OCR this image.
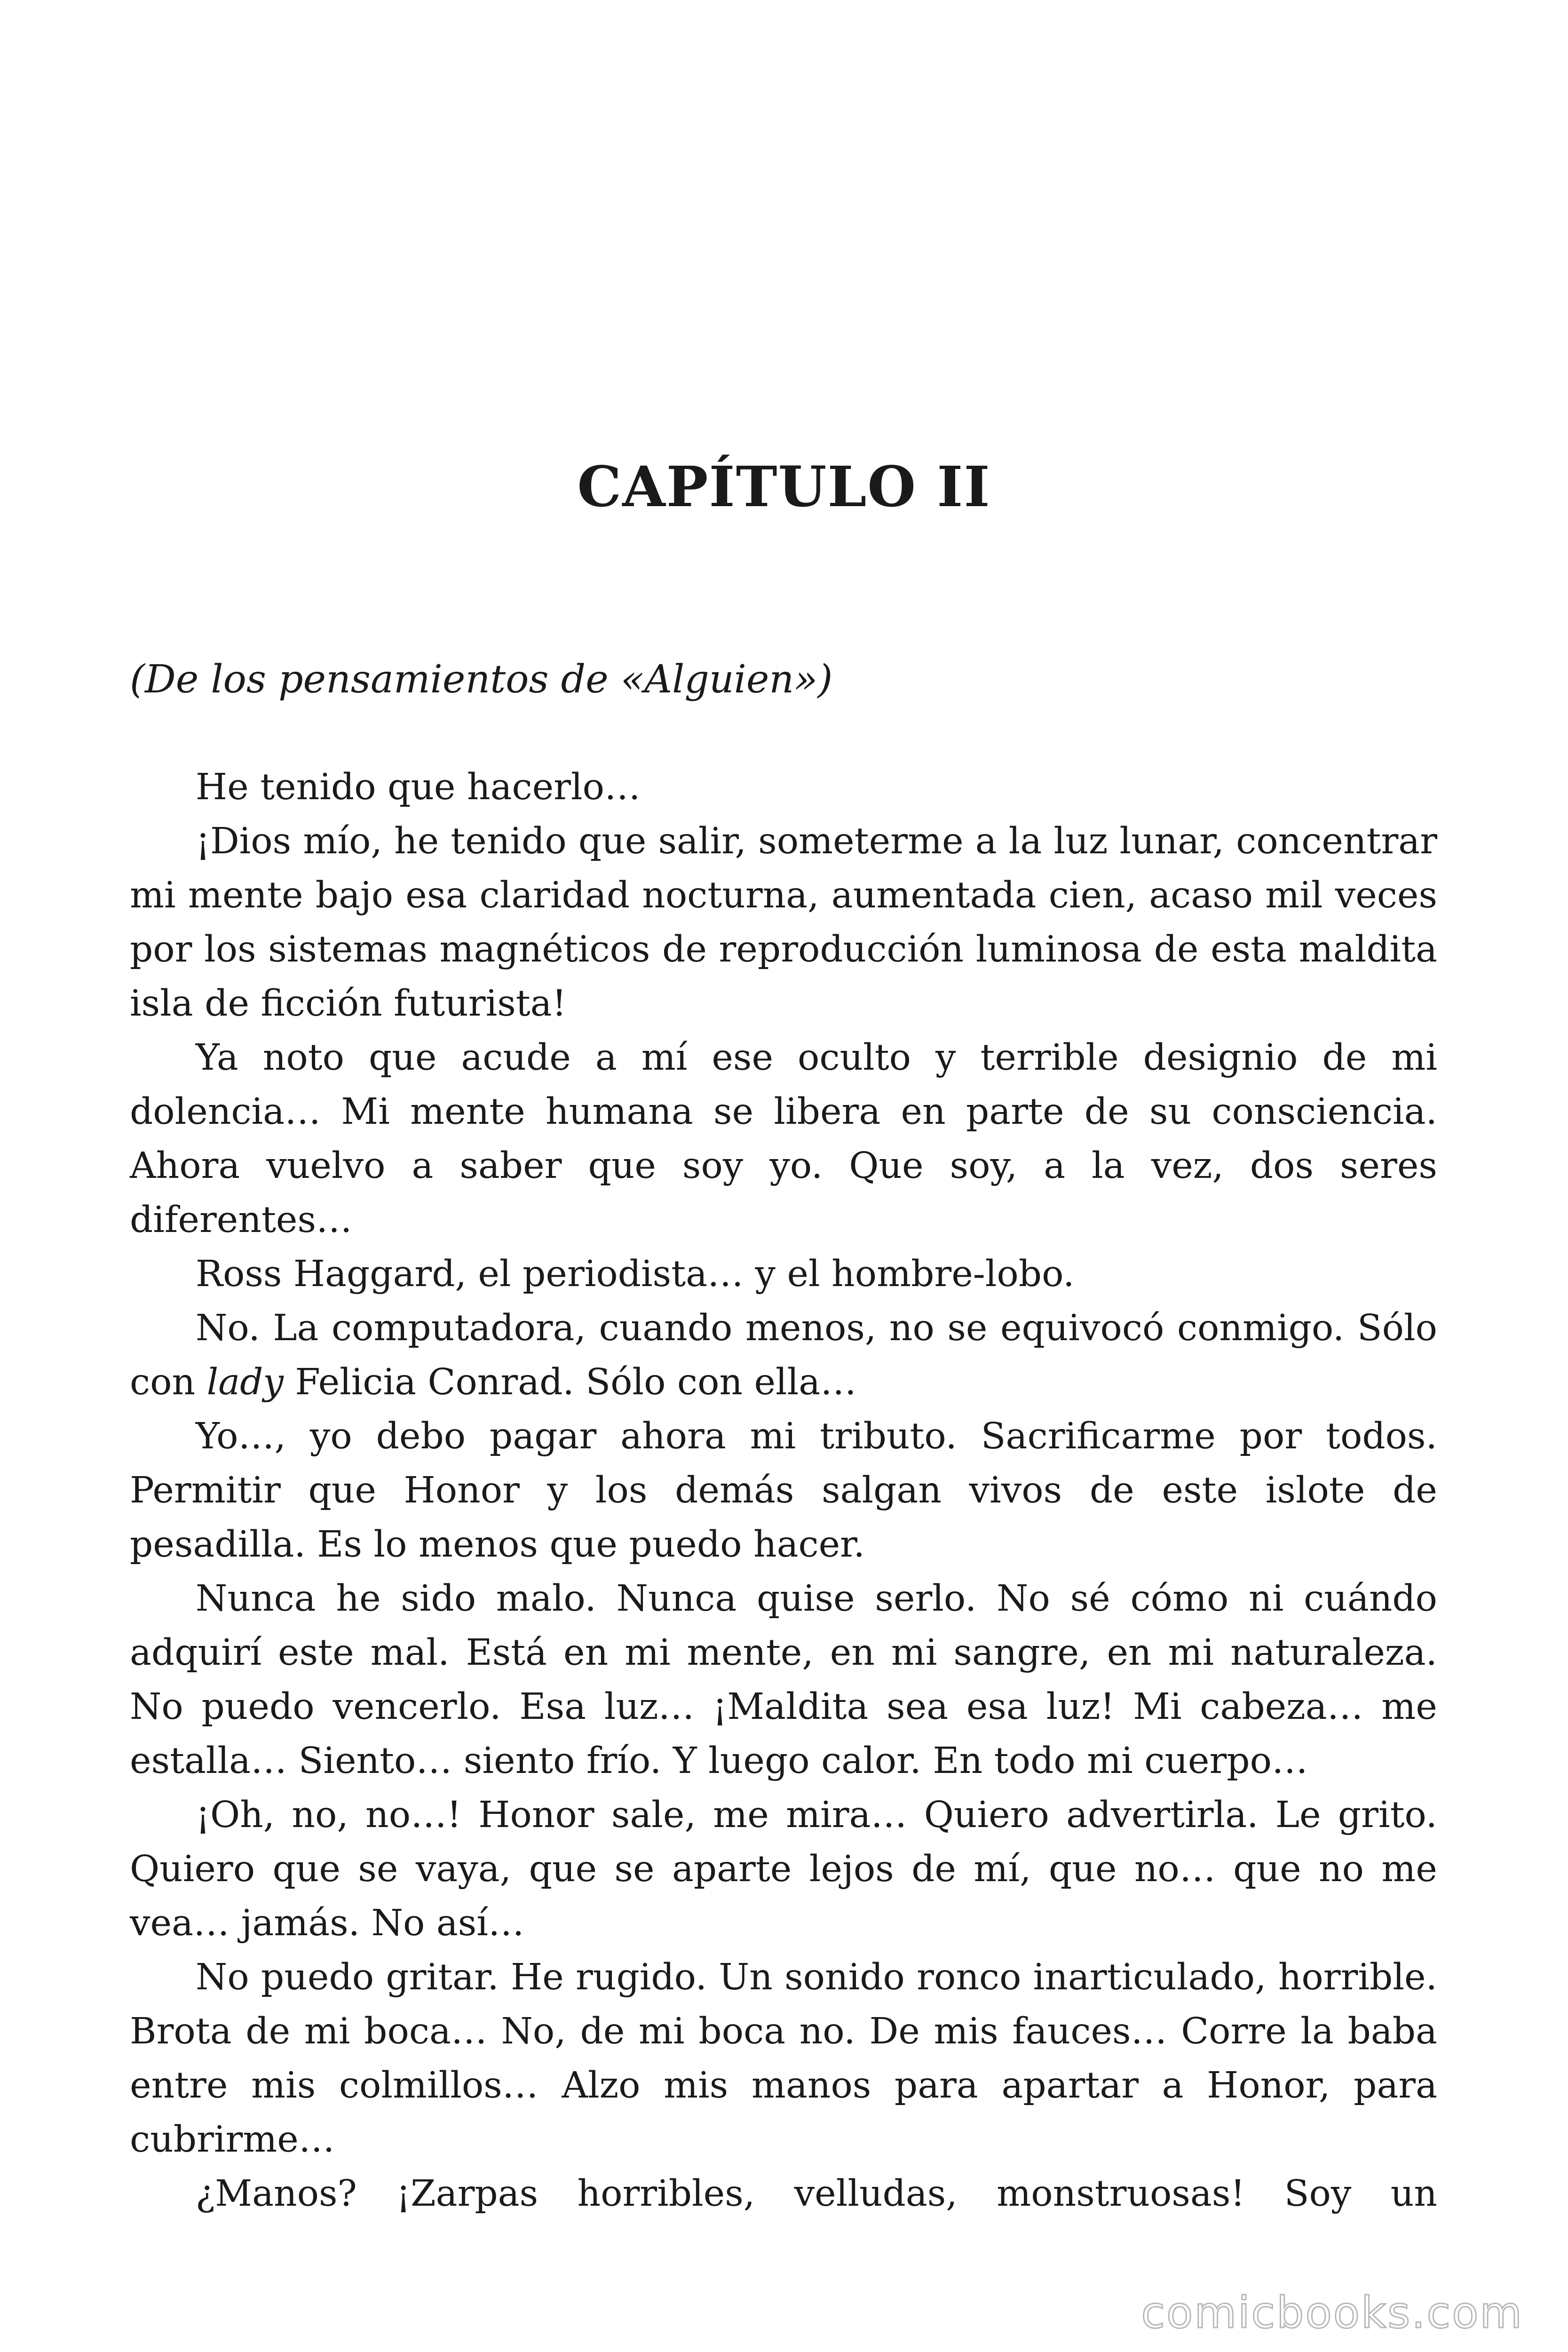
CAPÍTULO II

(De los pensamientos de «Alguien»)

He tenido que hacerlo…

¡Dios mío, he tenido que salir, someterme a la luz lunar, concentrar mi mente bajo esa claridad nocturna, aumentada cien, acaso mil veces por los sistemas magnéticos de reproducción luminosa de esta maldita isla de ficción futurista!

Ya noto que acude a mí ese oculto y terrible designio de mi dolencia… Mi mente humana se libera en parte de su consciencia. Ahora vuelvo a saber que soy yo. Que soy, a la vez, dos seres diferentes…

Ross Haggard, el periodista… y el hombre-lobo.

No. La computadora, cuando menos, no se equivocó conmigo. Sólo con lady Felicia Conrad. Sólo con ella…

Yo…, yo debo pagar ahora mi tributo. Sacrificarme por todos. Permitir que Honor y los demás salgan vivos de este islote de pesadilla. Es lo menos que puedo hacer.

Nunca he sido malo. Nunca quise serlo. No sé cómo ni cuándo adquirí este mal. Está en mi mente, en mi sangre, en mi naturaleza. No puedo vencerlo. Esa luz… ¡Maldita sea esa luz! Mi cabeza… me estalla… Siento… siento frío. Y luego calor. En todo mi cuerpo…

¡Oh, no, no…! Honor sale, me mira… Quiero advertirla. Le grito. Quiero que se vaya, que se aparte lejos de mí, que no… que no me vea… jamás. No así…

No puedo gritar. He rugido. Un sonido ronco inarticulado, horrible. Brota de mi boca… No, de mi boca no. De mis fauces… Corre la baba entre mis colmillos… Alzo mis manos para apartar a Honor, para cubrirme…

¿Manos? ¡Zarpas horribles, velludas, monstruosas! Soy un

comicbooks.com
